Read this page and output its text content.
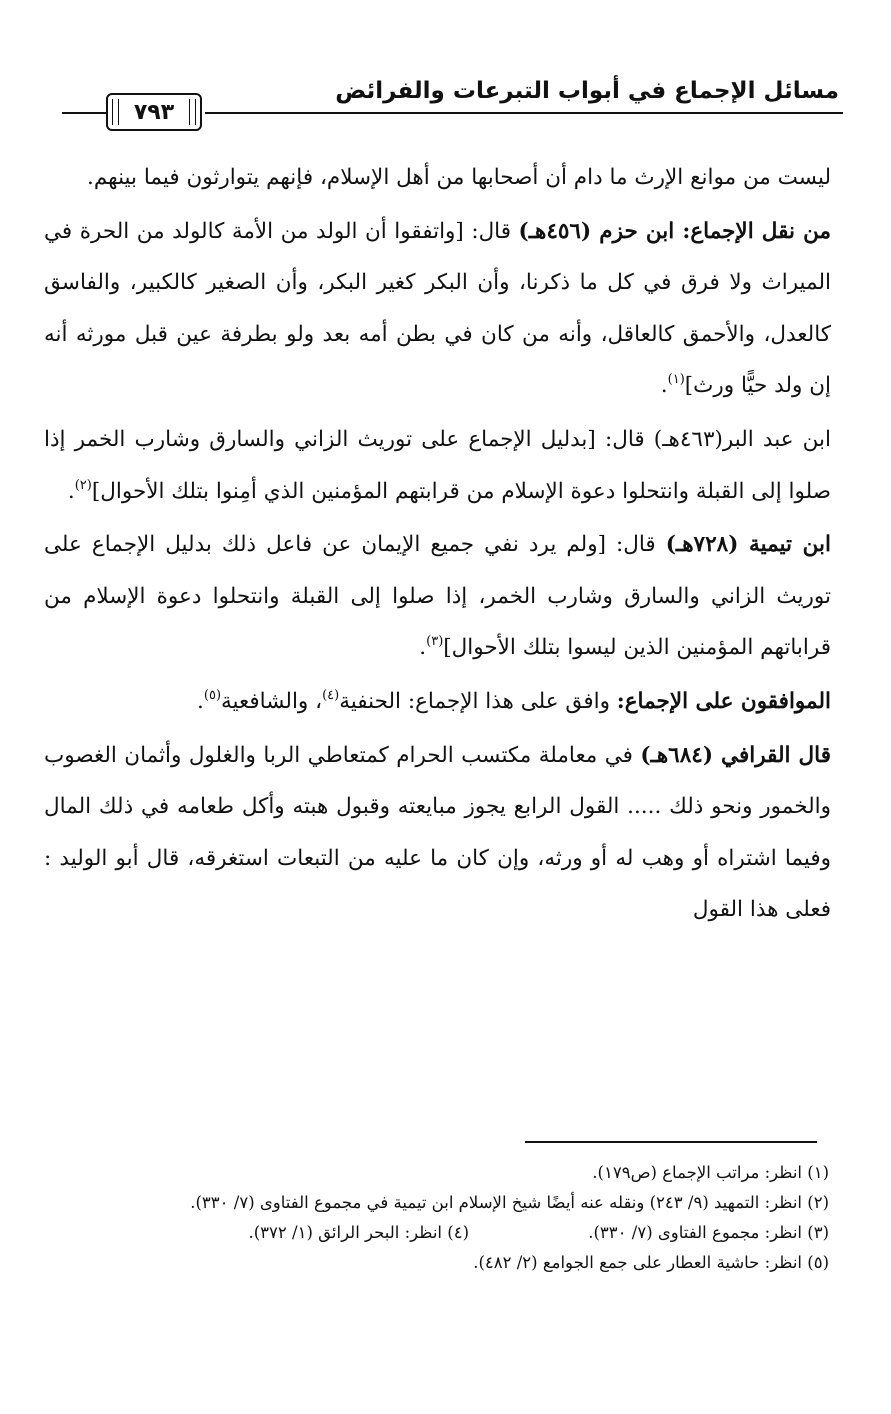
مسائل الإجماع في أبواب التبرعات والفرائض
٧٩٣

ليست من موانع الإرث ما دام أن أصحابها من أهل الإسلام، فإنهم يتوارثون فيما بينهم.

من نقل الإجماع: ابن حزم (٤٥٦هـ) قال: [واتفقوا أن الولد من الأمة كالولد من الحرة في الميراث ولا فرق في كل ما ذكرنا، وأن البكر كغير البكر، وأن الصغير كالكبير، والفاسق كالعدل، والأحمق كالعاقل، وأنه من كان في بطن أمه بعد ولو بطرفة عين قبل مورثه أنه إن ولد حيًّا ورث]$^{(١)}$.

ابن عبد البر(٤٦٣هـ) قال: [بدليل الإجماع على توريث الزاني والسارق وشارب الخمر إذا صلوا إلى القبلة وانتحلوا دعوة الإسلام من قرابتهم المؤمنين الذي أمِنوا بتلك الأحوال]$^{(٢)}$.

ابن تيمية (٧٢٨هـ) قال: [ولم يرد نفي جميع الإيمان عن فاعل ذلك بدليل الإجماع على توريث الزاني والسارق وشارب الخمر، إذا صلوا إلى القبلة وانتحلوا دعوة الإسلام من قراباتهم المؤمنين الذين ليسوا بتلك الأحوال]$^{(٣)}$.

الموافقون على الإجماع: وافق على هذا الإجماع: الحنفية$^{(٤)}$، والشافعية$^{(٥)}$.

قال القرافي (٦٨٤هـ) في معاملة مكتسب الحرام كمتعاطي الربا والغلول وأثمان الغصوب والخمور ونحو ذلك ..... القول الرابع يجوز مبايعته وقبول هبته وأكل طعامه في ذلك المال وفيما اشتراه أو وهب له أو ورثه، وإن كان ما عليه من التبعات استغرقه، قال أبو الوليد : فعلى هذا القول

(١) انظر: مراتب الإجماع (ص١٧٩).

(٢) انظر: التمهيد (٩/ ٢٤٣) ونقله عنه أيضًا شيخ الإسلام ابن تيمية في مجموع الفتاوى (٧/ ٣٣٠).

(٣) انظر: مجموع الفتاوى (٧/ ٣٣٠).

(٤) انظر: البحر الرائق (١/ ٣٧٢).

(٥) انظر: حاشية العطار على جمع الجوامع (٢/ ٤٨٢).
